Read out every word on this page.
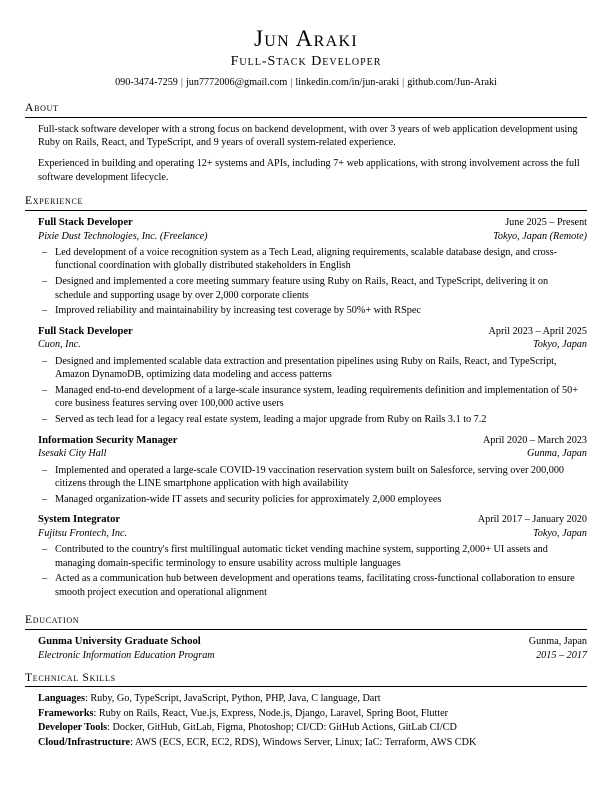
Jun Araki
Full-Stack Developer
090-3474-7259 | jun7772006@gmail.com | linkedin.com/in/jun-araki | github.com/Jun-Araki
About

Full-stack software developer with a strong focus on backend development, with over 3 years of web application development using Ruby on Rails, React, and TypeScript, and 9 years of overall system-related experience.

Experienced in building and operating 12+ systems and APIs, including 7+ web applications, with strong involvement across the full software development lifecycle.

Experience
Full Stack Developer	June 2025 – Present
Pixie Dust Technologies, Inc. (Freelance)	Tokyo, Japan (Remote)
– Led development of a voice recognition system as a Tech Lead, aligning requirements, scalable database design, and cross-functional coordination with globally distributed stakeholders in English
– Designed and implemented a core meeting summary feature using Ruby on Rails, React, and TypeScript, delivering it on schedule and supporting usage by over 2,000 corporate clients
– Improved reliability and maintainability by increasing test coverage by 50%+ with RSpec
Full Stack Developer	April 2023 – April 2025
Cuon, Inc.	Tokyo, Japan
– Designed and implemented scalable data extraction and presentation pipelines using Ruby on Rails, React, and TypeScript, Amazon DynamoDB, optimizing data modeling and access patterns
– Managed end-to-end development of a large-scale insurance system, leading requirements definition and implementation of 50+ core business features serving over 100,000 active users
– Served as tech lead for a legacy real estate system, leading a major upgrade from Ruby on Rails 3.1 to 7.2
Information Security Manager	April 2020 – March 2023
Isesaki City Hall	Gunma, Japan
– Implemented and operated a large-scale COVID-19 vaccination reservation system built on Salesforce, serving over 200,000 citizens through the LINE smartphone application with high availability
– Managed organization-wide IT assets and security policies for approximately 2,000 employees
System Integrator	April 2017 – January 2020
Fujitsu Frontech, Inc.	Tokyo, Japan
– Contributed to the country's first multilingual automatic ticket vending machine system, supporting 2,000+ UI assets and managing domain-specific terminology to ensure usability across multiple languages
– Acted as a communication hub between development and operations teams, facilitating cross-functional collaboration to ensure smooth project execution and operational alignment
Education
Gunma University Graduate School	Gunma, Japan
Electronic Information Education Program	2015 – 2017
Technical Skills
Languages: Ruby, Go, TypeScript, JavaScript, Python, PHP, Java, C language, Dart
Frameworks: Ruby on Rails, React, Vue.js, Express, Node.js, Django, Laravel, Spring Boot, Flutter
Developer Tools: Docker, GitHub, GitLab, Figma, Photoshop; CI/CD: GitHub Actions, GitLab CI/CD
Cloud/Infrastructure: AWS (ECS, ECR, EC2, RDS), Windows Server, Linux; IaC: Terraform, AWS CDK
